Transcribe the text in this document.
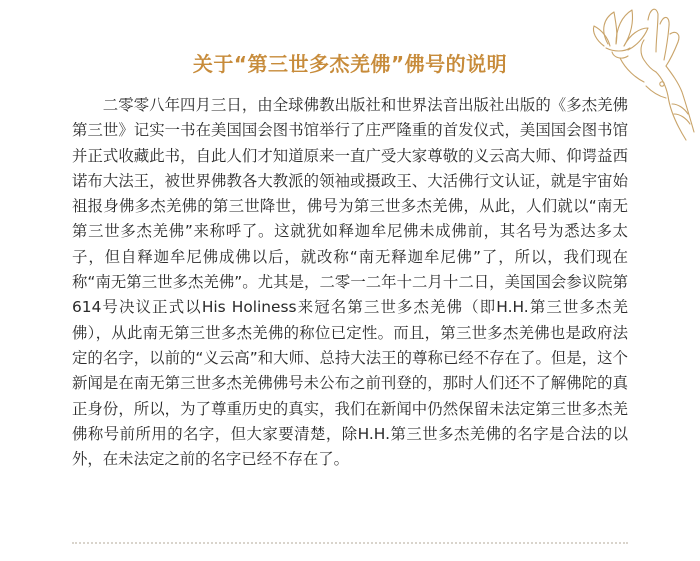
关于“第三世多杰羌佛”佛号的说明

二零零八年四月三日，由全球佛教出版社和世界法音出版社出版的《多杰羌佛第三世》记实一书在美国国会图书馆举行了庄严隆重的首发仪式，美国国会图书馆并正式收藏此书，自此人们才知道原来一直广受大家尊敬的义云高大师、仰谔益西诺布大法王，被世界佛教各大教派的领袖或摄政王、大活佛行文认证，就是宇宙始祖报身佛多杰羌佛的第三世降世，佛号为第三世多杰羌佛，从此，人们就以“南无第三世多杰羌佛”来称呼了。这就犹如释迦牟尼佛未成佛前，其名号为悉达多太子，但自释迦牟尼佛成佛以后，就改称“南无释迦牟尼佛”了，所以，我们现在称“南无第三世多杰羌佛”。尤其是，二零一二年十二月十二日，美国国会参议院第614号决议正式以His Holiness来冠名第三世多杰羌佛（即H.H.第三世多杰羌佛），从此南无第三世多杰羌佛的称位已定性。而且，第三世多杰羌佛也是政府法定的名字，以前的“义云高”和大师、总持大法王的尊称已经不存在了。但是，这个新闻是在南无第三世多杰羌佛佛号未公布之前刊登的，那时人们还不了解佛陀的真正身份，所以，为了尊重历史的真实，我们在新闻中仍然保留未法定第三世多杰羌佛称号前所用的名字，但大家要清楚，除H.H.第三世多杰羌佛的名字是合法的以外，在未法定之前的名字已经不存在了。
